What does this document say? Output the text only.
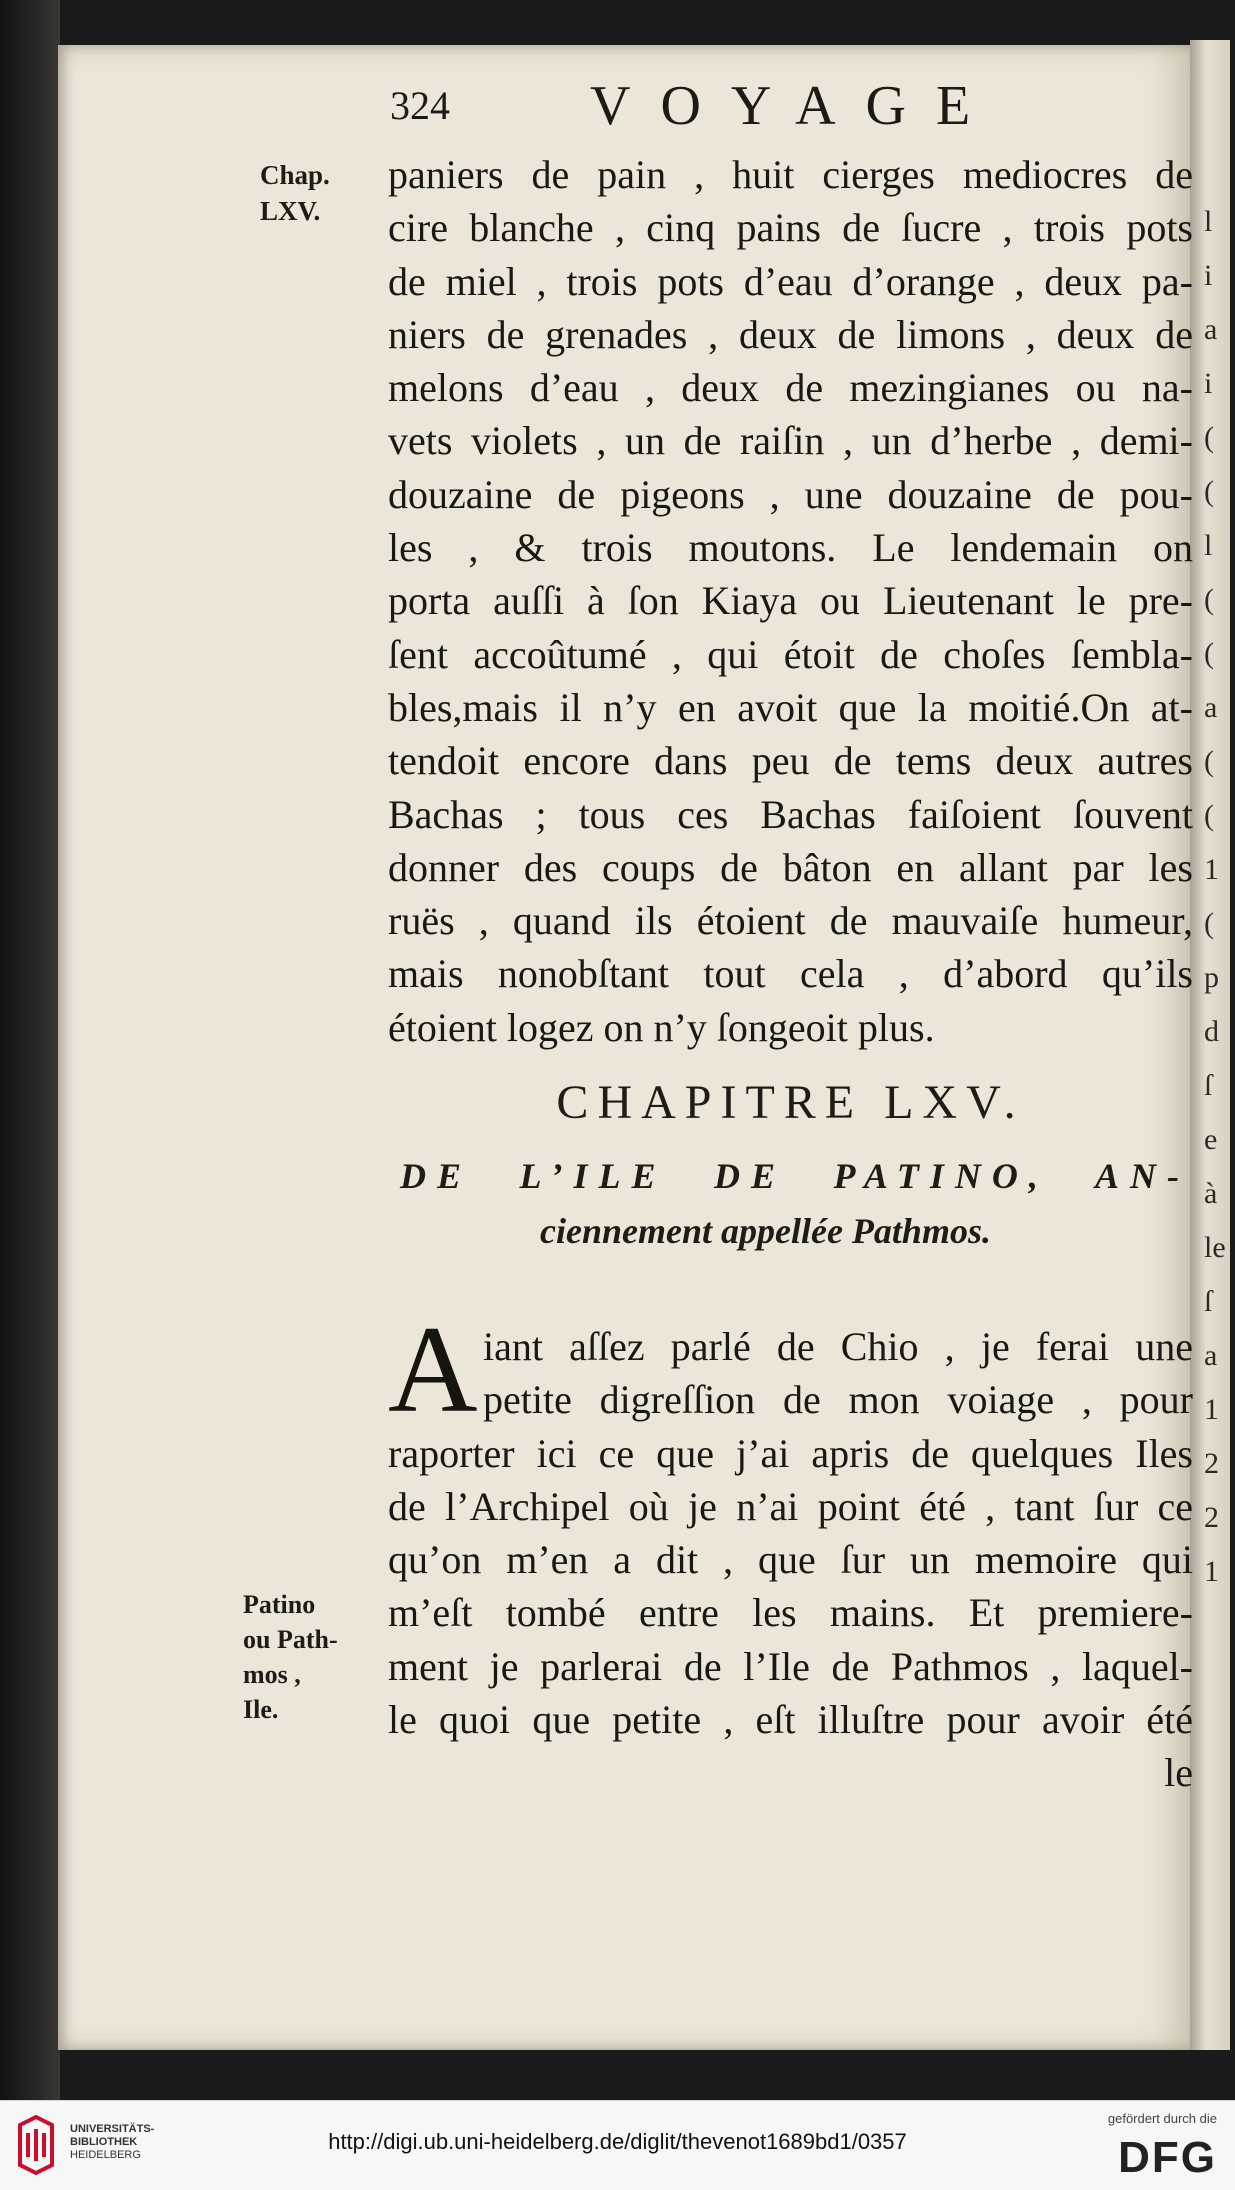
l
i
a
i
(
(
l
(
(
a
(
(
1
(
p
d
ſ
e
à
le
ſ
a
1
2
2
1
324	VOYAGE
Chap.
LXV.
Patino
ou Path-
mos ,
Ile.
paniers de pain , huit cierges mediocres de
cire blanche , cinq pains de ſucre , trois pots
de miel , trois pots d’eau d’orange , deux pa-
niers de grenades , deux de limons , deux de
melons d’eau , deux de mezingianes ou na-
vets violets , un de raiſin , un d’herbe , demi-
douzaine de pigeons , une douzaine de pou-
les , & trois moutons. Le lendemain on
porta auſſi à ſon Kiaya ou Lieutenant le pre-
ſent accoûtumé , qui étoit de choſes ſembla-
bles,mais il n’y en avoit que la moitié.On at-
tendoit encore dans peu de tems deux autres
Bachas ; tous ces Bachas faiſoient ſouvent
donner des coups de bâton en allant par les
ruës , quand ils étoient de mauvaiſe humeur,
mais nonobſtant tout cela , d’abord qu’ils
étoient logez on n’y ſongeoit plus.
CHAPITRE LXV.
DE L’ILE DE PATINO, AN-
ciennement appellée Pathmos.
A iant aſſez parlé de Chio , je ferai une
petite digreſſion de mon voiage , pour
raporter ici ce que j’ai apris de quelques Iles
de l’Archipel où je n’ai point été , tant ſur ce
qu’on m’en a dit , que ſur un memoire qui
m’eſt tombé entre les mains. Et premiere-
ment je parlerai de l’Ile de Pathmos , laquel-
le quoi que petite , eſt illuſtre pour avoir été
le
UNIVERSITÄTS-
BIBLIOTHEK
HEIDELBERG
http://digi.ub.uni-heidelberg.de/diglit/thevenot1689bd1/0357
gefördert durch die
DFG
